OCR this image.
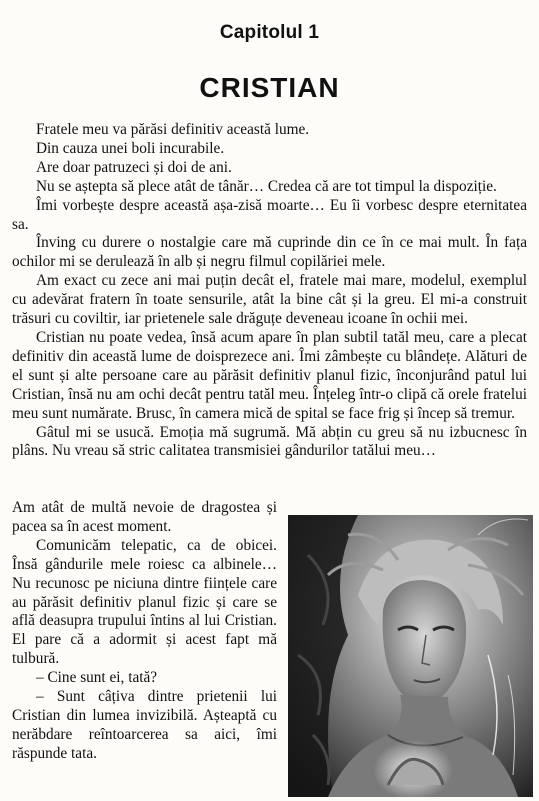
Capitolul 1
CRISTIAN

Fratele meu va părăsi definitiv această lume.

Din cauza unei boli incurabile.

Are doar patruzeci și doi de ani.

Nu se aștepta să plece atât de tânăr… Credea că are tot timpul la dispoziție.

Îmi vorbește despre această așa-zisă moarte… Eu îi vorbesc despre eternitatea sa.

Înving cu durere o nostalgie care mă cuprinde din ce în ce mai mult. În fața ochilor mi se derulează în alb și negru filmul copilăriei mele.

Am exact cu zece ani mai puțin decât el, fratele mai mare, modelul, exemplul cu adevărat fratern în toate sensurile, atât la bine cât și la greu. El mi-a construit trăsuri cu coviltir, iar prietenele sale drăguțe deveneau icoane în ochii mei.

Cristian nu poate vedea, însă acum apare în plan subtil tatăl meu, care a plecat definitiv din această lume de doisprezece ani. Îmi zâmbește cu blândețe. Alături de el sunt și alte persoane care au părăsit definitiv planul fizic, înconjurând patul lui Cristian, însă nu am ochi decât pentru tatăl meu. Înțeleg într-o clipă că orele fratelui meu sunt numărate. Brusc, în camera mică de spital se face frig și încep să tremur.

Gâtul mi se usucă. Emoția mă sugrumă. Mă abțin cu greu să nu izbucnesc în plâns. Nu vreau să stric calitatea transmisiei gândurilor tatălui meu…

Am atât de multă nevoie de dragostea și pacea sa în acest moment.

Comunicăm telepatic, ca de obicei. Însă gândurile mele roiesc ca albinele… Nu recunosc pe niciuna dintre ființele care au părăsit definitiv planul fizic și care se află deasupra trupului întins al lui Cristian. El pare că a adormit și acest fapt mă tulbură.

– Cine sunt ei, tată?

– Sunt câțiva dintre prietenii lui Cristian din lumea invizibilă. Așteaptă cu nerăbdare reîntoarcerea sa aici, îmi răspunde tata.
